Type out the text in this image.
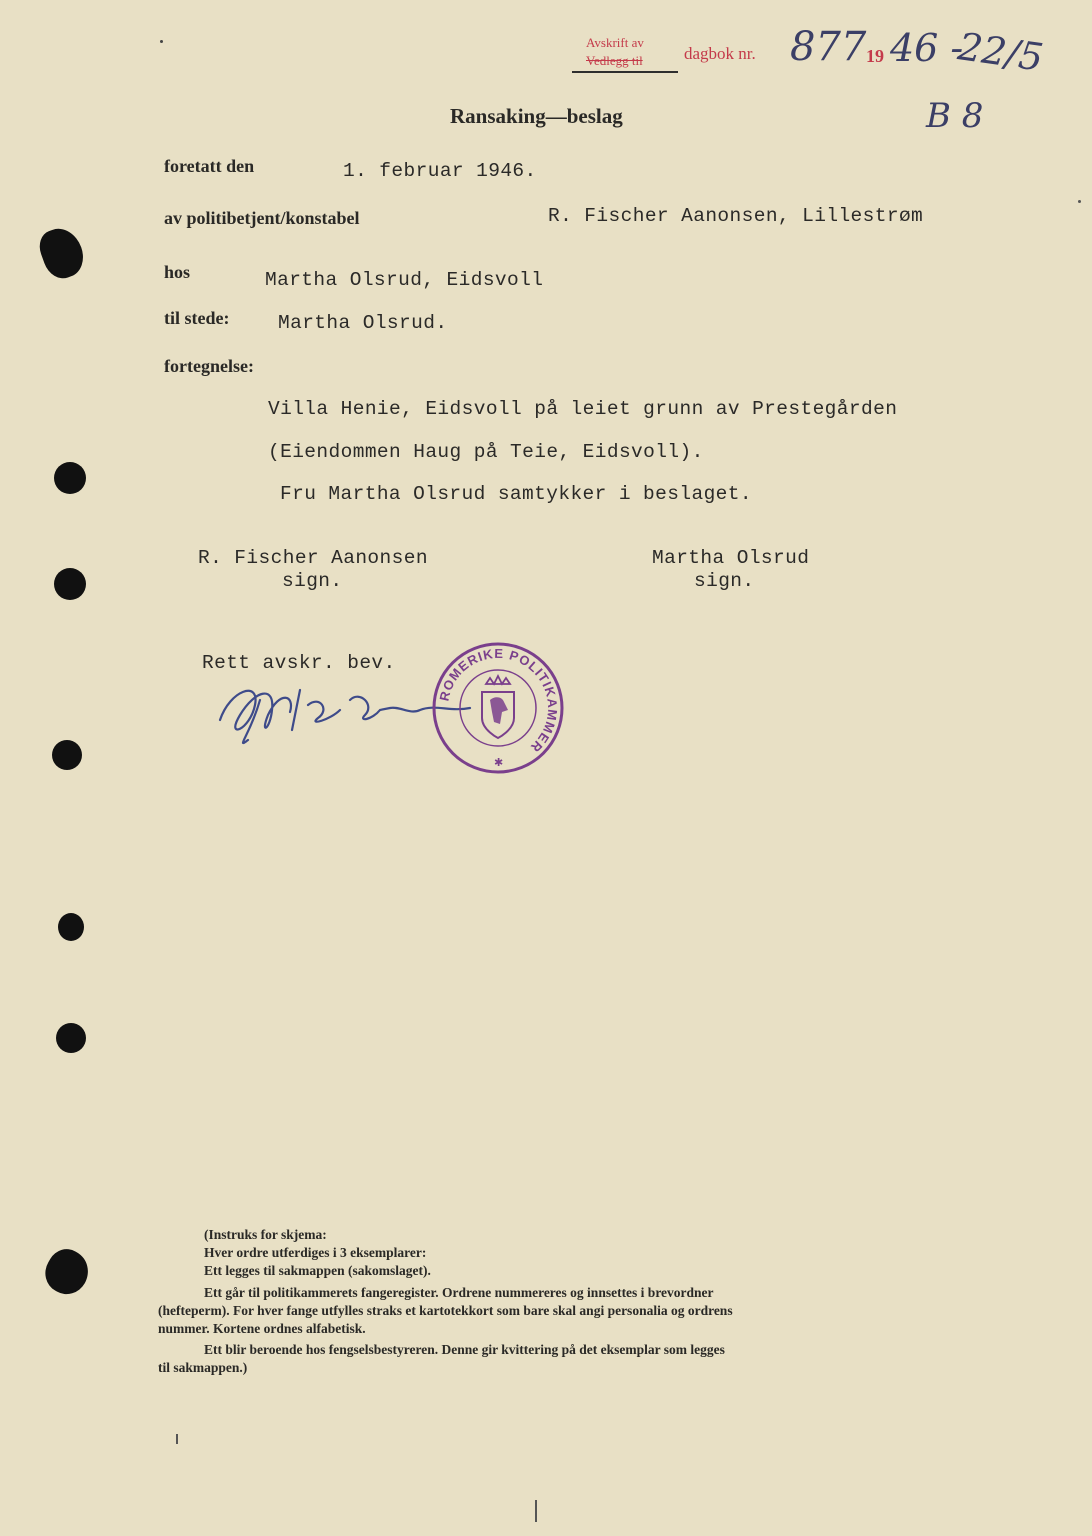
Avskrift av
Vedlegg til dagbok nr. 877 19 46 -
22/5
B 8
Ransaking—beslag
foretatt den	1. februar 1946.
av politibetjent/konstabel	R. Fischer Aanonsen, Lillestrøm
hos	Martha Olsrud, Eidsvoll
til stede: Martha Olsrud.
fortegnelse:
Villa Henie, Eidsvoll på leiet grunn av Prestegården
(Eiendommen Haug på Teie, Eidsvoll).
Fru Martha Olsrud samtykker i beslaget.
R. Fischer Aanonsen
sign.
Martha Olsrud
sign.
Rett avskr. bev.
ROMERIKE POLITIKAMMER
✱
(Instruks for skjema:
Hver ordre utferdiges i 3 eksemplarer:
Ett legges til sakmappen (sakomslaget).
Ett går til politikammerets fangeregister. Ordrene nummereres og innsettes i brevordner
(hefteperm). For hver fange utfylles straks et kartotekkort som bare skal angi personalia og ordrens
nummer. Kortene ordnes alfabetisk.
Ett blir beroende hos fengselsbestyreren. Denne gir kvittering på det eksemplar som legges
til sakmappen.)
